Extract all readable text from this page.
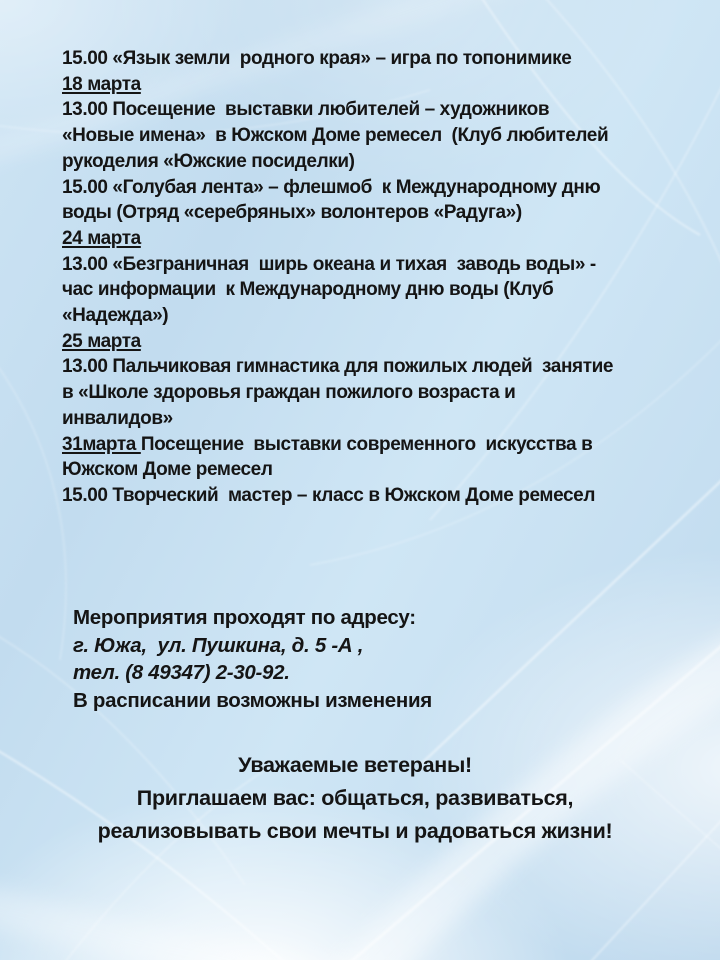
15.00 «Язык земли  родного края» – игра по топонимике
18 марта
13.00 Посещение  выставки любителей – художников
«Новые имена»  в Южском Доме ремесел  (Клуб любителей
рукоделия «Южские посиделки)
15.00 «Голубая лента» – флешмоб  к Международному дню
воды (Отряд «серебряных» волонтеров «Радуга»)
24 марта
13.00 «Безграничная  ширь океана и тихая  заводь воды» -
час информации  к Международному дню воды (Клуб
«Надежда»)
25 марта
13.00 Пальчиковая гимнастика для пожилых людей  занятие
в «Школе здоровья граждан пожилого возраста и
инвалидов»
31марта Посещение  выставки современного  искусства в
Южском Доме ремесел
15.00 Творческий  мастер – класс в Южском Доме ремесел
Мероприятия проходят по адресу:
г. Южа,  ул. Пушкина, д. 5 -А ,
тел. (8 49347) 2-30-92.
В расписании возможны изменения
Уважаемые ветераны!
Приглашаем вас: общаться, развиваться,
реализовывать свои мечты и радоваться жизни!
